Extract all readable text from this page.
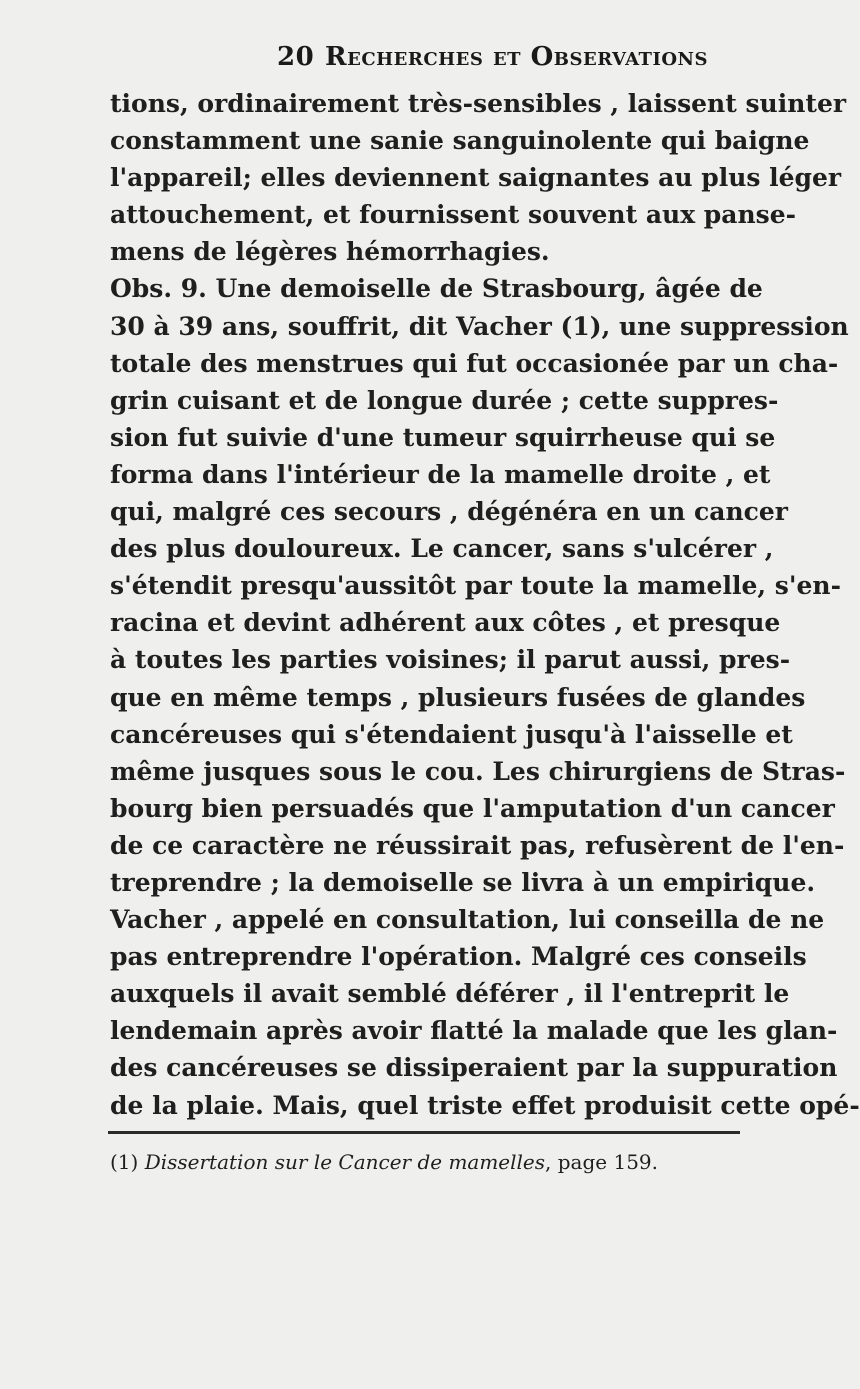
20 Recherches et Observations
tions, ordinairement très-sensibles , laissent suinter
constamment une sanie sanguinolente qui baigne
l'appareil; elles deviennent saignantes au plus léger
attouchement, et fournissent souvent aux panse-
mens de légères hémorrhagies.
Obs. 9. Une demoiselle de Strasbourg, âgée de
30 à 39 ans, souffrit, dit Vacher (1), une suppression
totale des menstrues qui fut occasionée par un cha-
grin cuisant et de longue durée ; cette suppres-
sion fut suivie d'une tumeur squirrheuse qui se
forma dans l'intérieur de la mamelle droite , et
qui, malgré ces secours , dégénéra en un cancer
des plus douloureux. Le cancer, sans s'ulcérer ,
s'étendit presqu'aussitôt par toute la mamelle, s'en-
racina et devint adhérent aux côtes , et presque
à toutes les parties voisines; il parut aussi, pres-
que en même temps , plusieurs fusées de glandes
cancéreuses qui s'étendaient jusqu'à l'aisselle et
même jusques sous le cou. Les chirurgiens de Stras-
bourg bien persuadés que l'amputation d'un cancer
de ce caractère ne réussirait pas, refusèrent de l'en-
treprendre ; la demoiselle se livra à un empirique.
Vacher , appelé en consultation, lui conseilla de ne
pas entreprendre l'opération. Malgré ces conseils
auxquels il avait semblé déférer , il l'entreprit le
lendemain après avoir flatté la malade que les glan-
des cancéreuses se dissiperaient par la suppuration
de la plaie. Mais, quel triste effet produisit cette opé-
(1) Dissertation sur le Cancer de mamelles, page 159.
